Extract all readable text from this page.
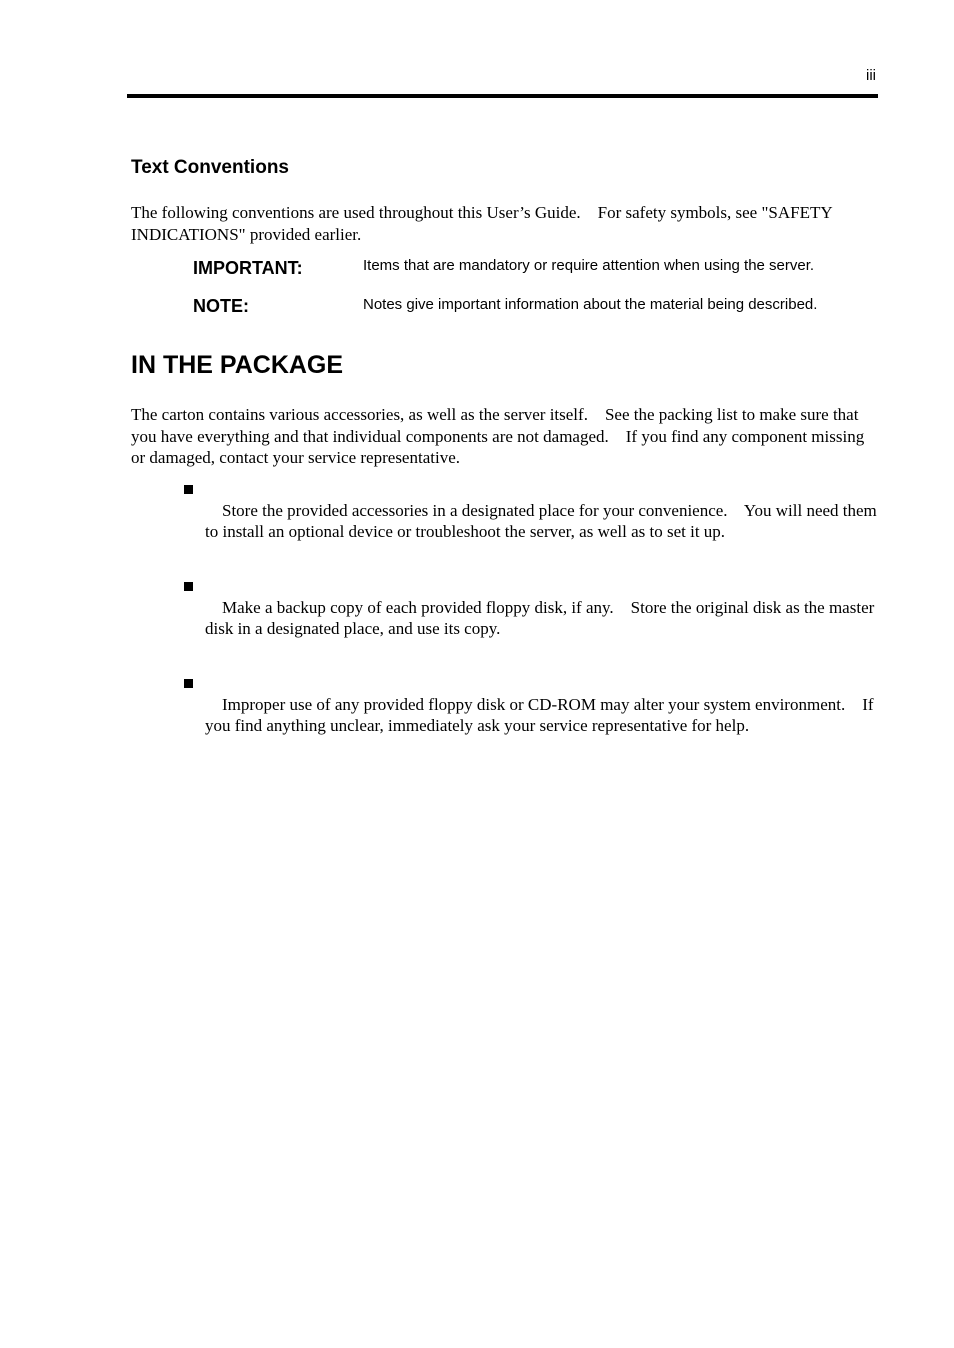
iii
Text Conventions

The following conventions are used throughout this User’s Guide.    For safety symbols, see "SAFETY INDICATIONS" provided earlier.

IMPORTANT:	Items that are mandatory or require attention when using the server.
NOTE:	Notes give important information about the material being described.
IN THE PACKAGE

The carton contains various accessories, as well as the server itself.    See the packing list to make sure that you have everything and that individual components are not damaged.    If you find any component missing or damaged, contact your service representative.

Store the provided accessories in a designated place for your convenience.    You will need them to install an optional device or troubleshoot the server, as well as to set it up.

Make a backup copy of each provided floppy disk, if any.    Store the original disk as the master disk in a designated place, and use its copy.

Improper use of any provided floppy disk or CD-ROM may alter your system environment.    If you find anything unclear, immediately ask your service representative for help.
